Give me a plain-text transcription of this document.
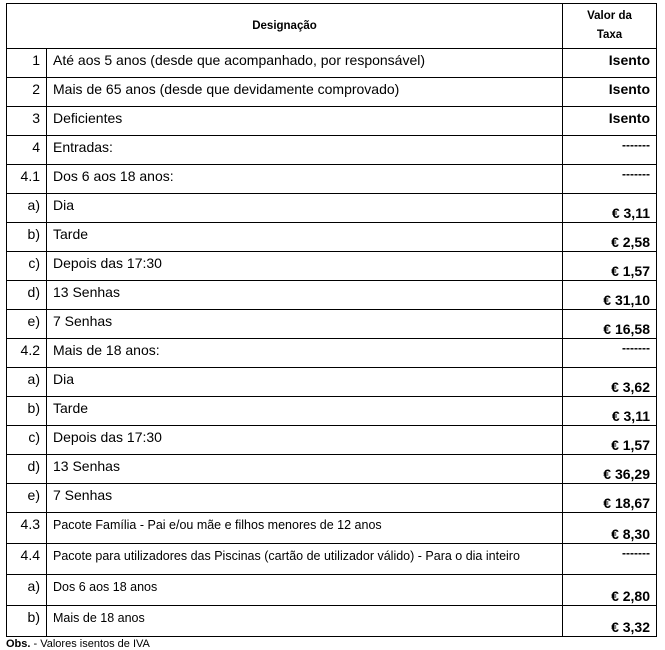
Designação		Valor da
Taxa
1	Até aos 5 anos (desde que acompanhado, por responsável)	Isento
2	Mais de 65 anos (desde que devidamente comprovado)	Isento
3	Deficientes	Isento
4	Entradas:	-------
4.1	Dos 6 aos 18 anos:	-------
a)	Dia	€ 3,11
b)	Tarde	€ 2,58
c)	Depois das 17:30	€ 1,57
d)	13 Senhas	€ 31,10
e)	7 Senhas	€ 16,58
4.2	Mais de 18 anos:	-------
a)	Dia	€ 3,62
b)	Tarde	€ 3,11
c)	Depois das 17:30	€ 1,57
d)	13 Senhas	€ 36,29
e)	7 Senhas	€ 18,67
4.3	Pacote Família - Pai e/ou mãe e filhos menores de 12 anos	€ 8,30
4.4	Pacote para utilizadores das Piscinas (cartão de utilizador válido) - Para o dia inteiro	-------
a)	Dos 6 aos 18 anos	€ 2,80
b)	Mais de 18 anos	€ 3,32
Obs. - Valores isentos de IVA
